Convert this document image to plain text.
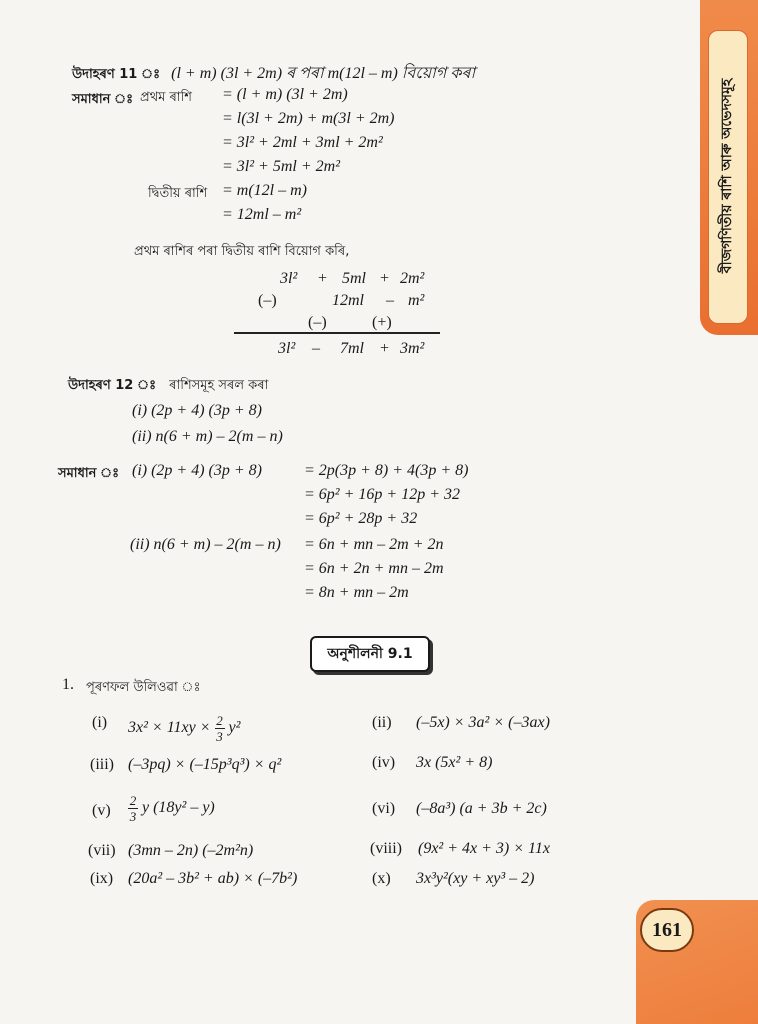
বীজগণিতীয় ৰাশি আৰু অভেদসমূহ
161
উদাহৰণ 11 ঃ (l + m) (3l + 2m) ৰ পৰা m(12l – m) বিয়োগ কৰা
সমাধান ঃ প্ৰথম ৰাশি = (l + m) (3l + 2m)
= l(3l + 2m) + m(3l + 2m)
= 3l² + 2ml + 3ml + 2m²
= 3l² + 5ml + 2m²
দ্বিতীয় ৰাশি = m(12l – m)
= 12ml – m²
প্ৰথম ৰাশিৰ পৰা দ্বিতীয় ৰাশি বিয়োগ কৰি,
3l² + 5ml + 2m²
(–)	12ml – m²
(–)	(+)
3l² – 7ml + 3m²
উদাহৰণ 12 ঃ ৰাশিসমূহ সৰল কৰা
(i) (2p + 4) (3p + 8)
(ii) n(6 + m) – 2(m – n)
সমাধান ঃ (i) (2p + 4) (3p + 8)	= 2p(3p + 8) + 4(3p + 8)
= 6p² + 16p + 12p + 32
= 6p² + 28p + 32
(ii) n(6 + m) – 2(m – n) = 6n + mn – 2m + 2n
= 6n + 2n + mn – 2m
= 8n + mn – 2m
অনুশীলনী 9.1
1. পূৰণফল উলিওৱা ঃ
(i) $3x^2 \times 11xy \times \frac{2}{3} y^2$	(ii) (–5x) × 3a² × (–3ax)
(iii) (–3pq) × (–15p³q³) × q²	(iv) 3x (5x² + 8)
$(v) \frac{2}{3}$ y (18y² – y)	(vi) (–8a³) (a + 3b + 2c)
(vii) (3mn – 2n) (–2m²n)	(viii) (9x² + 4x + 3) × 11x
(ix) (20a² – 3b² + ab) × (–7b²)	(x) 3x³y²(xy + xy³ – 2)
